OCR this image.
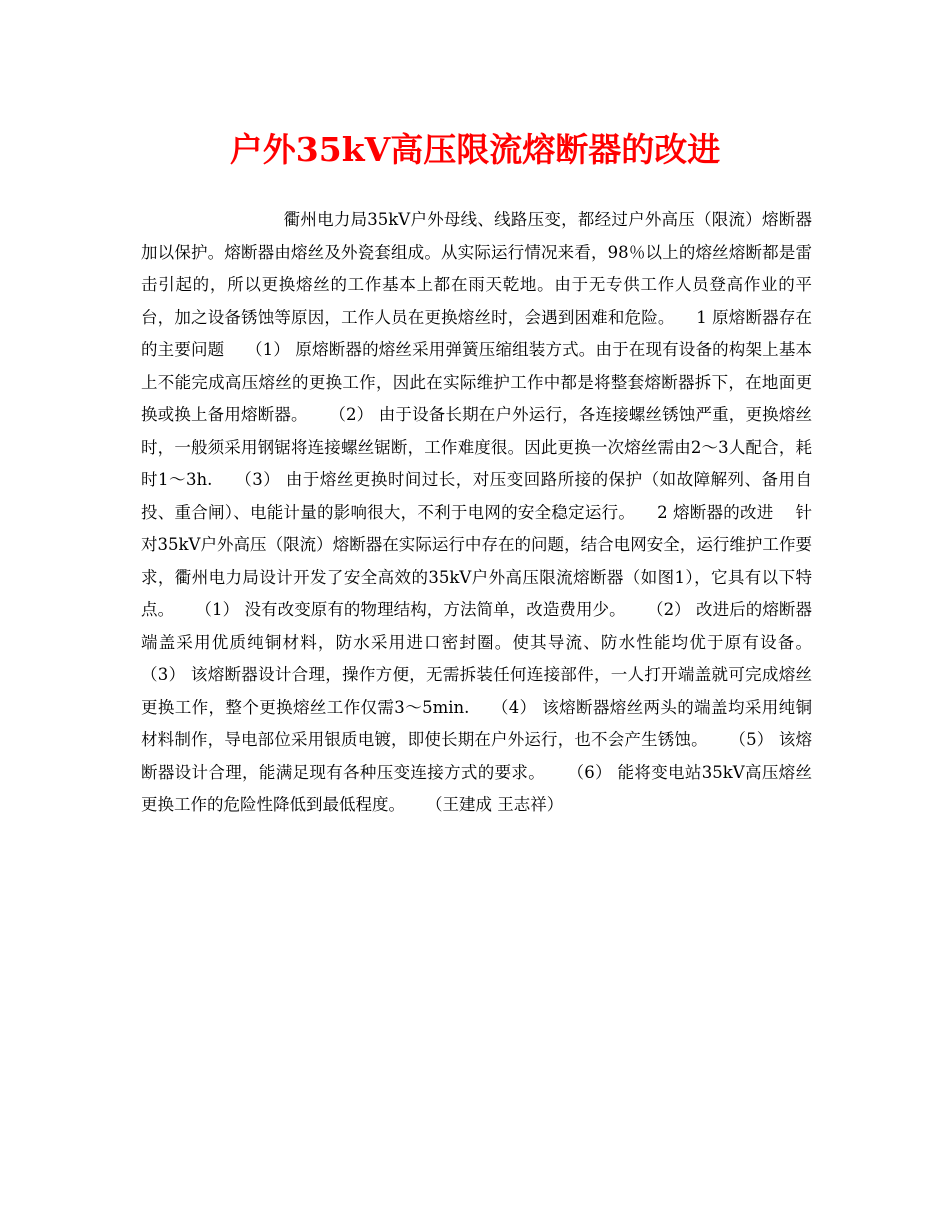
户外35kV高压限流熔断器的改进

衢州电力局35kV户外母线、线路压变，都经过户外高压（限流）熔断器加以保护。熔断器由熔丝及外瓷套组成。从实际运行情况来看，98％以上的熔丝熔断都是雷击引起的，所以更换熔丝的工作基本上都在雨天乾地。由于无专供工作人员登高作业的平台，加之设备锈蚀等原因，工作人员在更换熔丝时，会遇到困难和危险。    1 原熔断器存在的主要问题    （1） 原熔断器的熔丝采用弹簧压缩组装方式。由于在现有设备的构架上基本上不能完成高压熔丝的更换工作，因此在实际维护工作中都是将整套熔断器拆下，在地面更换或换上备用熔断器。    （2） 由于设备长期在户外运行，各连接螺丝锈蚀严重，更换熔丝时，一般须采用钢锯将连接螺丝锯断，工作难度很。因此更换一次熔丝需由2～3人配合，耗时1～3h.    （3） 由于熔丝更换时间过长，对压变回路所接的保护（如故障解列、备用自投、重合闸）、电能计量的影响很大，不利于电网的安全稳定运行。    2 熔断器的改进    针对35kV户外高压（限流）熔断器在实际运行中存在的问题，结合电网安全，运行维护工作要求，衢州电力局设计开发了安全高效的35kV户外高压限流熔断器（如图1），它具有以下特点。    （1） 没有改变原有的物理结构，方法简单，改造费用少。    （2） 改进后的熔断器端盖采用优质纯铜材料，防水采用进口密封圈。使其导流、防水性能均优于原有设备。    （3） 该熔断器设计合理，操作方便，无需拆装任何连接部件，一人打开端盖就可完成熔丝更换工作，整个更换熔丝工作仅需3～5min.    （4） 该熔断器熔丝两头的端盖均采用纯铜材料制作，导电部位采用银质电镀，即使长期在户外运行，也不会产生锈蚀。    （5） 该熔断器设计合理，能满足现有各种压变连接方式的要求。    （6） 能将变电站35kV高压熔丝更换工作的危险性降低到最低程度。    （王建成 王志祥）
